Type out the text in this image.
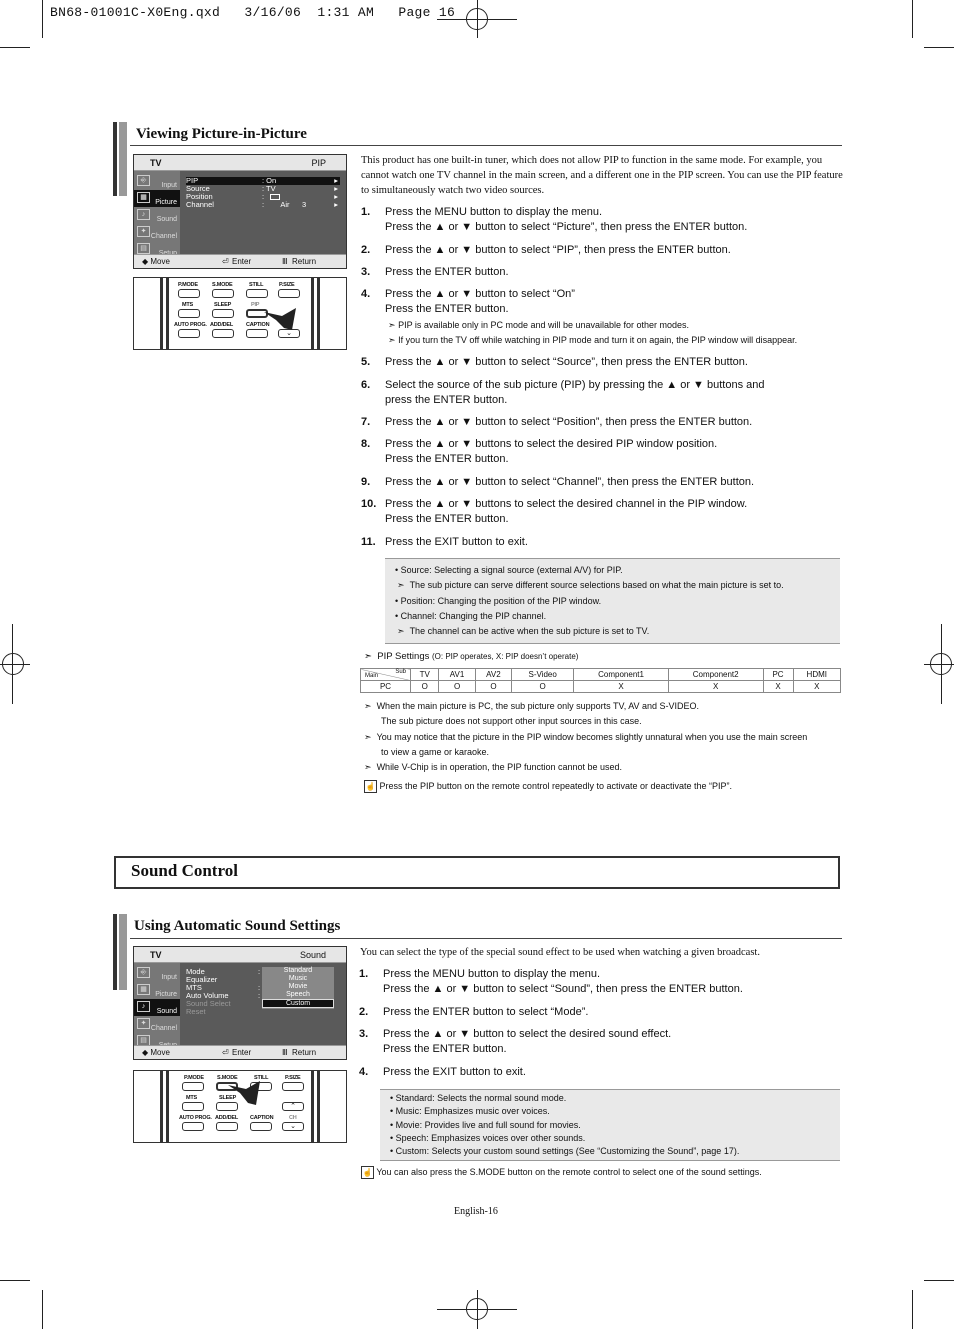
BN68-01001C-X0Eng.qxd   3/16/06  1:31 AM   Page 16
Viewing Picture-in-Picture
TV	PIP
⎆
Input
▦
Picture
♪
Sound
✦
Channel
▤
PIP	: On	▸
Source	: TV	▸
Position	:	▸
Channel	:        Air      3	▸
◆ Move	⏎ Enter	Ⅲ Return
P.MODE	S.MODE	STILL	P.SIZE
MTS	SLEEP	PIP
AUTO PROG. ADD/DEL CAPTION
⌄
This product has one built-in tuner, which does not allow PIP to function in the same mode. For example, you cannot watch one TV channel in the main screen, and a different one in the PIP screen. You can use the PIP feature to simultaneously watch two video sources.
1. Press the MENU button to display the menu.
Press the ▲ or ▼ button to select “Picture”, then press the ENTER button.
2. Press the ▲ or ▼ button to select “PIP”, then press the ENTER button.
3. Press the ENTER button.
4. Press the ▲ or ▼ button to select “On”
Press the ENTER button.
5. Press the ▲ or ▼ button to select “Source”, then press the ENTER button.
6. Select the source of the sub picture (PIP) by pressing the ▲ or ▼ buttons and
press the ENTER button.
7. Press the ▲ or ▼ button to select “Position”, then press the ENTER button.
8. Press the ▲ or ▼ buttons to select the desired PIP window position.
Press the ENTER button.
9. Press the ▲ or ▼ button to select “Channel”, then press the ENTER button.
10. Press the ▲ or ▼ buttons to select the desired channel in the PIP window.
Press the ENTER button.
11. Press the EXIT button to exit.
➣ PIP is available only in PC mode and will be unavailable for other modes.
➣ If you turn the TV off while watching in PIP mode and turn it on again, the PIP window will disappear.
• Source: Selecting a signal source (external A/V) for PIP.
➣ The sub picture can serve different source selections based on what the main picture is set to.
• Position: Changing the position of the PIP window.
• Channel: Changing the PIP channel.
➣ The channel can be active when the sub picture is set to TV.
➣ PIP Settings (O: PIP operates, X: PIP doesn’t operate)
Main
Sub	TV	AV1	AV2	S-Video	Component1	Component2	PC	HDMI
PC	O	O	O	O	X	X	X	X
➣ When the main picture is PC, the sub picture only supports TV, AV and S-VIDEO.
The sub picture does not support other input sources in this case.
➣ You may notice that the picture in the PIP window becomes slightly unnatural when you use the main screen
to view a game or karaoke.
➣ While V-Chip is in operation, the PIP function cannot be used.
☝ Press the PIP button on the remote control repeatedly to activate or deactivate the “PIP”.
Sound Control
Using Automatic Sound Settings
TV	Sound
⎆
Input
▦
Picture
♪
Sound
✦
Channel
▤
Mode	:
Equalizer
MTS	:
Auto Volume	:
Sound Select
Reset
Standard
Music
Movie
Speech
Custom
◆ Move	⏎ Enter	Ⅲ Return
P.MODE S.MODE	STILL	P.SIZE
MTS	SLEEP
⌃
AUTO PROG. ADD/DEL CAPTION	CH
⌄
You can select the type of the special sound effect to be used when watching a given broadcast.
1. Press the MENU button to display the menu.
Press the ▲ or ▼ button to select “Sound”, then press the ENTER button.
2. Press the ENTER button to select “Mode”.
3. Press the ▲ or ▼ button to select the desired sound effect.
Press the ENTER button.
4. Press the EXIT button to exit.
• Standard: Selects the normal sound mode.
• Music: Emphasizes music over voices.
• Movie: Provides live and full sound for movies.
• Speech: Emphasizes voices over other sounds.
• Custom: Selects your custom sound settings (See “Customizing the Sound”, page 17).
☝ You can also press the S.MODE button on the remote control to select one of the sound settings.
English-16
